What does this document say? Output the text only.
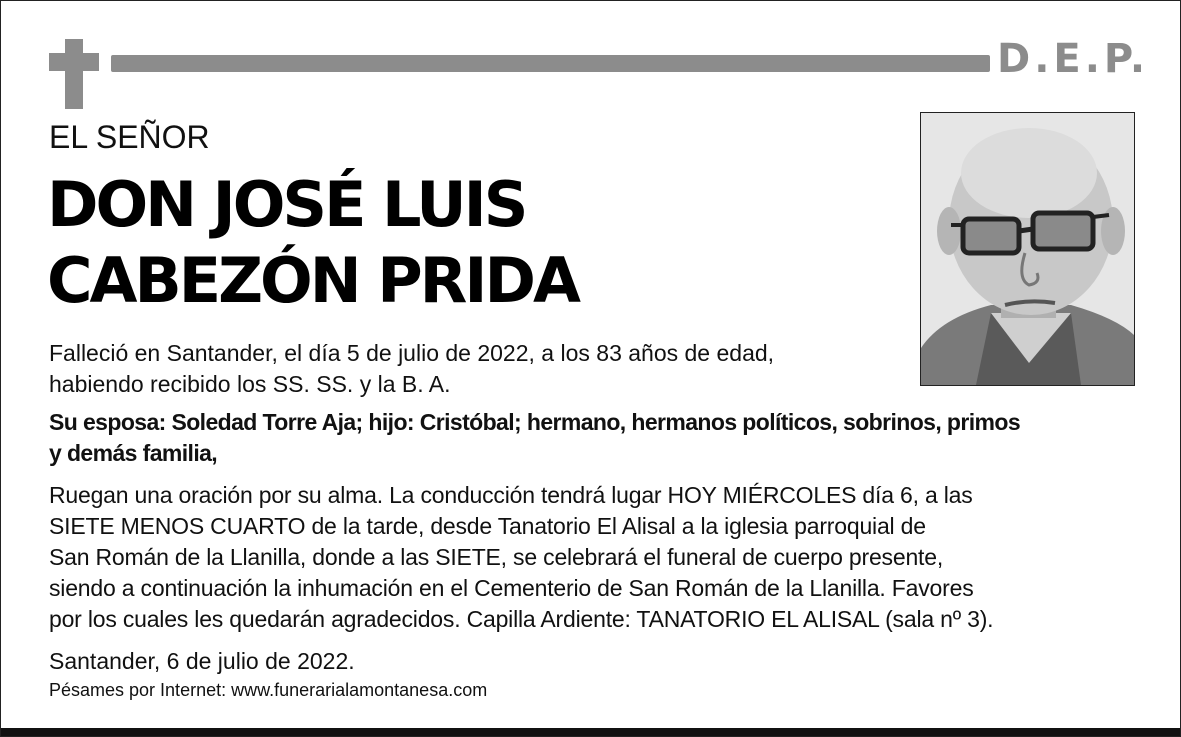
D.E.P.
EL SEÑOR
DON JOSÉ LUIS
CABEZÓN PRIDA
Falleció en Santander, el día 5 de julio de 2022, a los 83 años de edad,
habiendo recibido los SS. SS. y la B. A.
Su esposa: Soledad Torre Aja; hijo: Cristóbal; hermano, hermanos políticos, sobrinos, primos
y demás familia,
Ruegan una oración por su alma. La conducción tendrá lugar HOY MIÉRCOLES día 6, a las
SIETE MENOS CUARTO de la tarde, desde Tanatorio El Alisal a la iglesia parroquial de
San Román de la Llanilla, donde a las SIETE, se celebrará el funeral de cuerpo presente,
siendo a continuación la inhumación en el Cementerio de San Román de la Llanilla. Favores
por los cuales les quedarán agradecidos. Capilla Ardiente: TANATORIO EL ALISAL (sala nº 3).
Santander, 6 de julio de 2022.
Pésames por Internet: www.funerarialamontanesa.com
